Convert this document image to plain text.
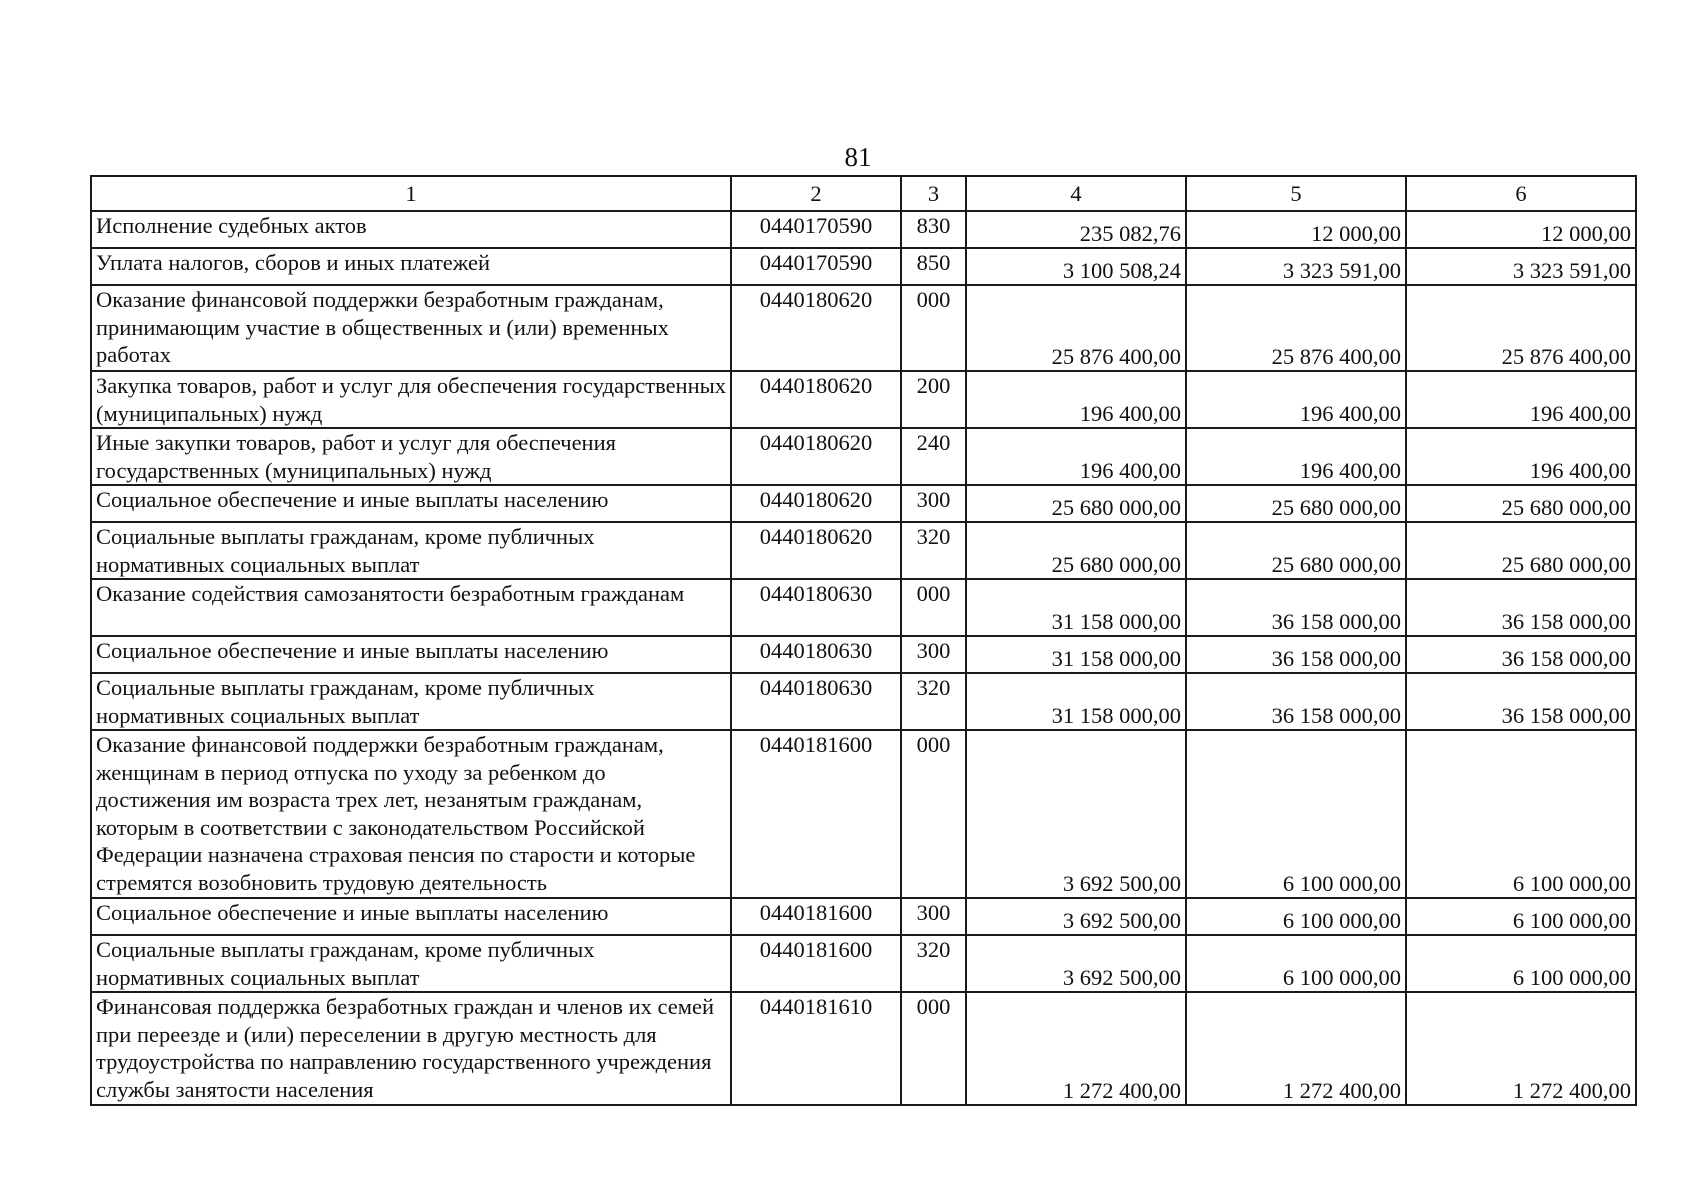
81
1	2	3	4	5	6
Исполнение судебных актов	0440170590	830	235 082,76	12 000,00	12 000,00
Уплата налогов, сборов и иных платежей	0440170590	850	3 100 508,24	3 323 591,00	3 323 591,00
Оказание финансовой поддержки безработным гражданам, принимающим участие в общественных и (или) временных работах	0440180620	000	25 876 400,00	25 876 400,00	25 876 400,00
Закупка товаров, работ и услуг для обеспечения государственных (муниципальных) нужд	0440180620	200	196 400,00	196 400,00	196 400,00
Иные закупки товаров, работ и услуг для обеспечения государственных (муниципальных) нужд	0440180620	240	196 400,00	196 400,00	196 400,00
Социальное обеспечение и иные выплаты населению	0440180620	300	25 680 000,00	25 680 000,00	25 680 000,00
Социальные выплаты гражданам, кроме публичных нормативных социальных выплат	0440180620	320	25 680 000,00	25 680 000,00	25 680 000,00
Оказание содействия самозанятости безработным гражданам	0440180630	000	31 158 000,00	36 158 000,00	36 158 000,00
Социальное обеспечение и иные выплаты населению	0440180630	300	31 158 000,00	36 158 000,00	36 158 000,00
Социальные выплаты гражданам, кроме публичных нормативных социальных выплат	0440180630	320	31 158 000,00	36 158 000,00	36 158 000,00
Оказание финансовой поддержки безработным гражданам, женщинам в период отпуска по уходу за ребенком до достижения им возраста трех лет, незанятым гражданам, которым в соответствии с законодательством Российской Федерации назначена страховая пенсия по старости и которые стремятся возобновить трудовую деятельность	0440181600	000	3 692 500,00	6 100 000,00	6 100 000,00
Социальное обеспечение и иные выплаты населению	0440181600	300	3 692 500,00	6 100 000,00	6 100 000,00
Социальные выплаты гражданам, кроме публичных нормативных социальных выплат	0440181600	320	3 692 500,00	6 100 000,00	6 100 000,00
Финансовая поддержка безработных граждан и членов их семей при переезде и (или) переселении в другую местность для трудоустройства по направлению государственного учреждения службы занятости населения	0440181610	000	1 272 400,00	1 272 400,00	1 272 400,00
